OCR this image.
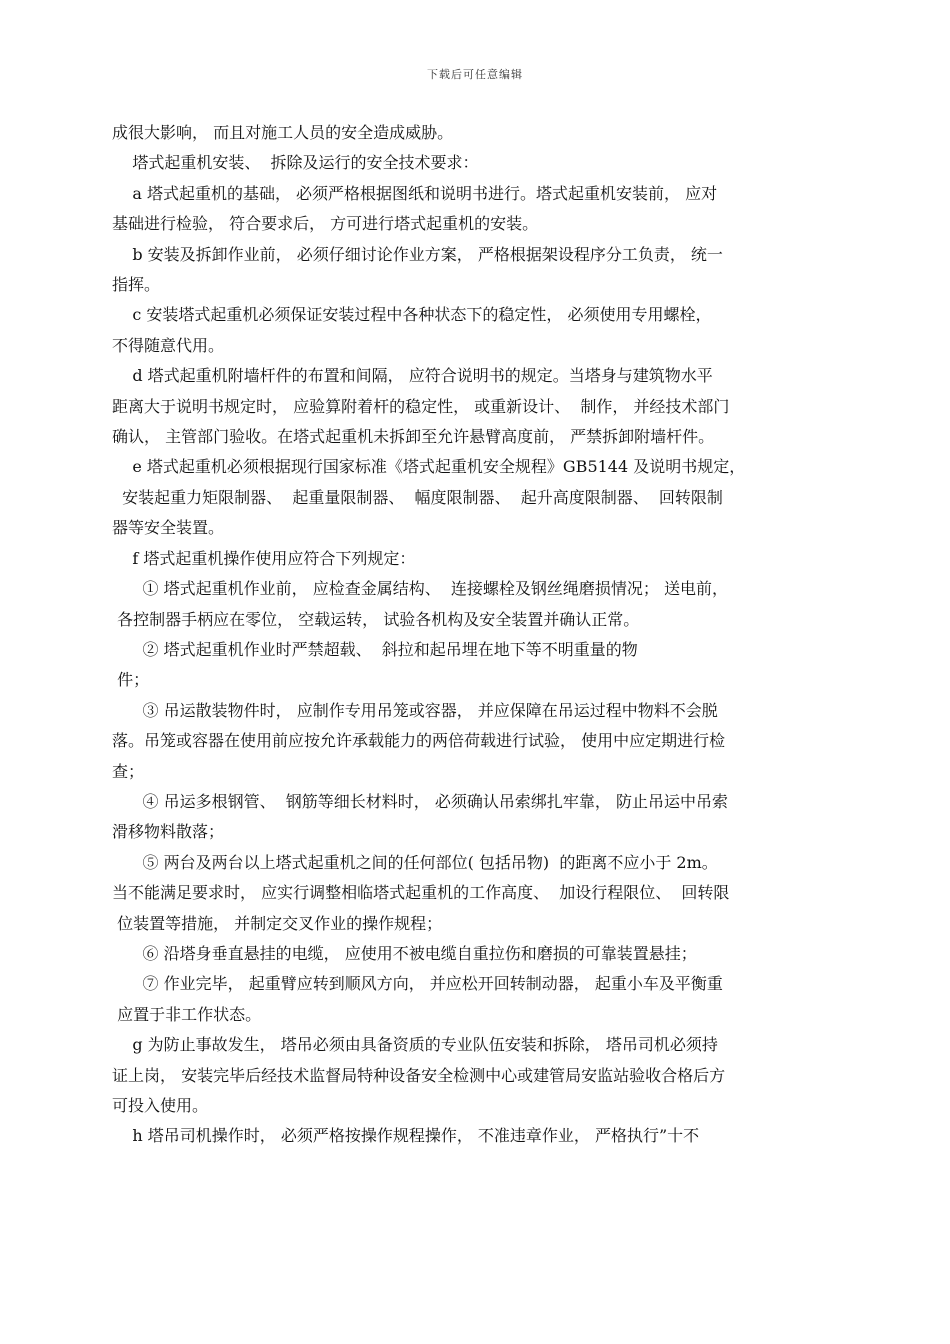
下载后可任意编辑

成很大影响， 而且对施工人员的安全造成威胁。

塔式起重机安装、  拆除及运行的安全技术要求：

a 塔式起重机的基础， 必须严格根据图纸和说明书进行。塔式起重机安装前， 应对

基础进行检验， 符合要求后， 方可进行塔式起重机的安装。

b 安装及拆卸作业前， 必须仔细讨论作业方案， 严格根据架设程序分工负责， 统一

指挥。

c 安装塔式起重机必须保证安装过程中各种状态下的稳定性， 必须使用专用螺栓，

不得随意代用。

d 塔式起重机附墙杆件的布置和间隔， 应符合说明书的规定。当塔身与建筑物水平

距离大于说明书规定时， 应验算附着杆的稳定性， 或重新设计、  制作， 并经技术部门

确认， 主管部门验收。在塔式起重机未拆卸至允许悬臂高度前， 严禁拆卸附墙杆件。

e 塔式起重机必须根据现行国家标准《塔式起重机安全规程》GB5144 及说明书规定，

安装起重力矩限制器、  起重量限制器、  幅度限制器、  起升高度限制器、  回转限制

器等安全装置。

f 塔式起重机操作使用应符合下列规定：

① 塔式起重机作业前， 应检查金属结构、  连接螺栓及钢丝绳磨损情况； 送电前，

各控制器手柄应在零位， 空载运转， 试验各机构及安全装置并确认正常。

② 塔式起重机作业时严禁超载、  斜拉和起吊埋在地下等不明重量的物

件；

③ 吊运散装物件时， 应制作专用吊笼或容器， 并应保障在吊运过程中物料不会脱

落。吊笼或容器在使用前应按允许承载能力的两倍荷载进行试验， 使用中应定期进行检

查；

④ 吊运多根钢管、  钢筋等细长材料时， 必须确认吊索绑扎牢靠， 防止吊运中吊索

滑移物料散落；

⑤ 两台及两台以上塔式起重机之间的任何部位( 包括吊物)  的距离不应小于 2m。

当不能满足要求时， 应实行调整相临塔式起重机的工作高度、  加设行程限位、  回转限

位装置等措施， 并制定交叉作业的操作规程；

⑥ 沿塔身垂直悬挂的电缆， 应使用不被电缆自重拉伤和磨损的可靠装置悬挂；

⑦ 作业完毕， 起重臂应转到顺风方向， 并应松开回转制动器， 起重小车及平衡重

应置于非工作状态。

g 为防止事故发生， 塔吊必须由具备资质的专业队伍安装和拆除， 塔吊司机必须持

证上岗， 安装完毕后经技术监督局特种设备安全检测中心或建管局安监站验收合格后方

可投入使用。

h 塔吊司机操作时， 必须严格按操作规程操作， 不准违章作业， 严格执行”十不
